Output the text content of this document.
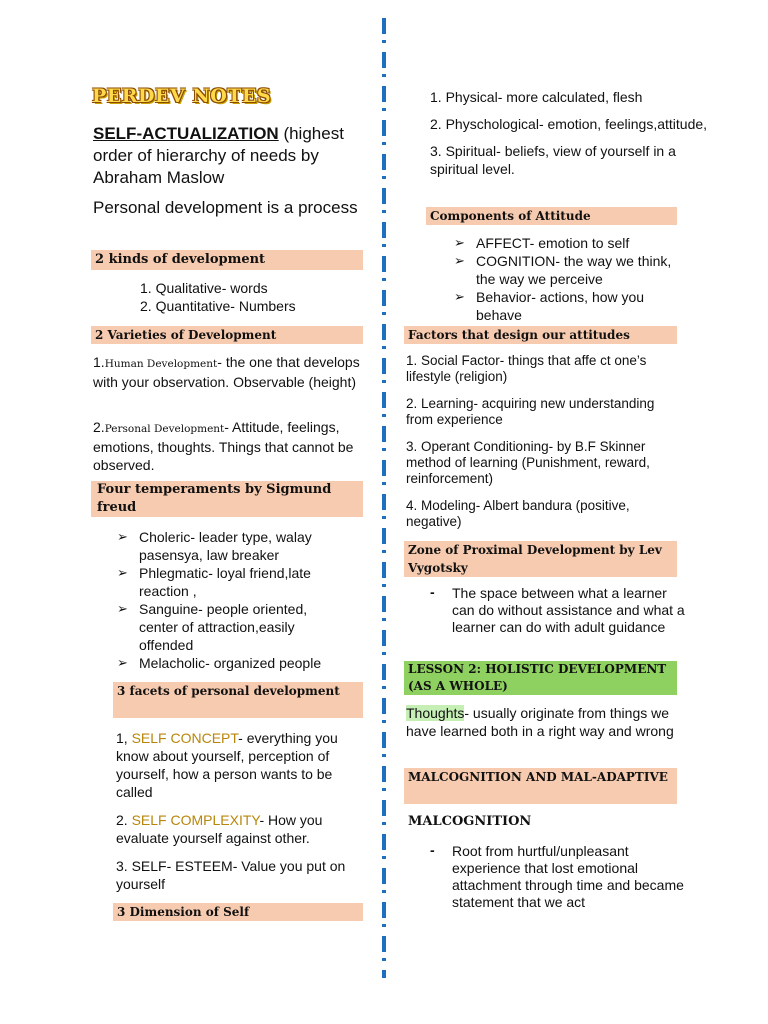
PERDEV NOTES

SELF-ACTUALIZATION (highest order of hierarchy of needs by Abraham Maslow

Personal development is a process

2 kinds of development
1. Qualitative- words
2. Quantitative- Numbers
2 Varieties of Development

1.Human Development- the one that develops with your observation. Observable (height)

2.Personal Development- Attitude, feelings, emotions, thoughts. Things that cannot be observed.

Four temperaments by Sigmund freud
➢ Choleric- leader type, walay pasensya, law breaker
➢ Phlegmatic- loyal friend,late reaction ,
➢ Sanguine- people oriented, center of attraction,easily offended
➢ Melacholic- organized people
3 facets of personal development

1, SELF CONCEPT- everything you know about yourself, perception of yourself, how a person wants to be called

2. SELF COMPLEXITY- How you evaluate yourself against other.

3. SELF- ESTEEM- Value you put on yourself

3 Dimension of Self
1. Physical- more calculated, flesh
2. Physchological- emotion, feelings,attitude,
3. Spiritual- beliefs, view of yourself in a spiritual level.
Components of Attitude
➢ AFFECT- emotion to self
➢ COGNITION- the way we think, the way we perceive
➢ Behavior- actions, how you behave
Factors that design our attitudes
1. Social Factor- things that affe ct one’s lifestyle (religion)
2. Learning- acquiring new understanding from experience
3. Operant Conditioning- by B.F Skinner method of learning (Punishment, reward, reinforcement)
4. Modeling- Albert bandura (positive, negative)
Zone of Proximal Development by Lev Vygotsky
- The space between what a learner can do without assistance and what a learner can do with adult guidance
LESSON 2: HOLISTIC DEVELOPMENT (AS A WHOLE)

Thoughts- usually originate from things we have learned both in a right way and wrong

MALCOGNITION AND MAL-ADAPTIVE

MALCOGNITION

- Root from hurtful/unpleasant experience that lost emotional attachment through time and became statement that we act
